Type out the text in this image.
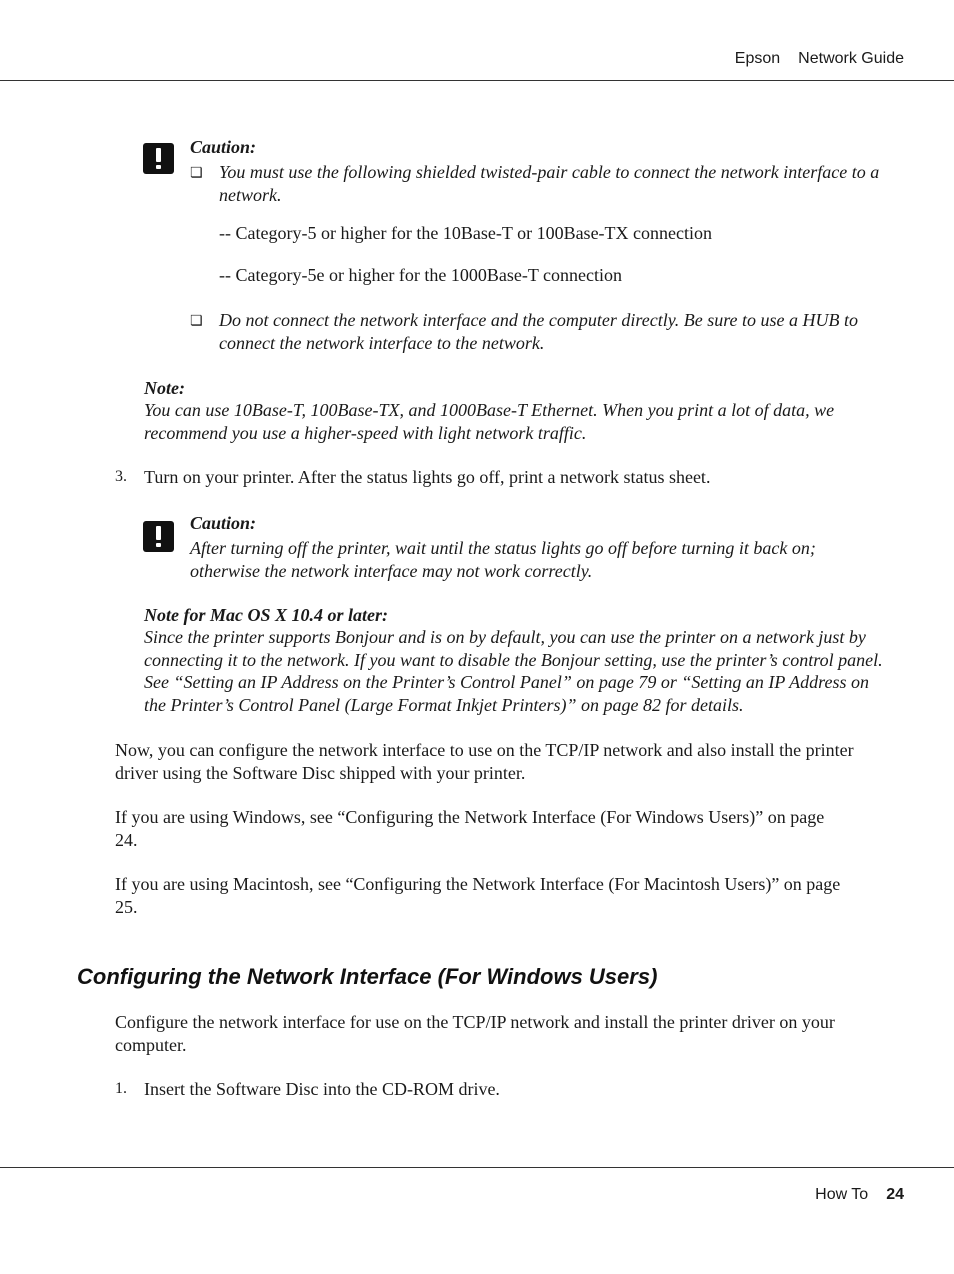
Epson Network Guide
Caution:
❏ You must use the following shielded twisted-pair cable to connect the network interface to a network.
-- Category-5 or higher for the 10Base-T or 100Base-TX connection
-- Category-5e or higher for the 1000Base-T connection
❏ Do not connect the network interface and the computer directly. Be sure to use a HUB to connect the network interface to the network.
Note:
You can use 10Base-T, 100Base-TX, and 1000Base-T Ethernet. When you print a lot of data, we recommend you use a higher-speed with light network traffic.
3. Turn on your printer. After the status lights go off, print a network status sheet.
Caution:
After turning off the printer, wait until the status lights go off before turning it back on; otherwise the network interface may not work correctly.
Note for Mac OS X 10.4 or later:
Since the printer supports Bonjour and is on by default, you can use the printer on a network just by connecting it to the network. If you want to disable the Bonjour setting, use the printer’s control panel. See “Setting an IP Address on the Printer’s Control Panel” on page 79 or “Setting an IP Address on the Printer’s Control Panel (Large Format Inkjet Printers)” on page 82 for details.
Now, you can configure the network interface to use on the TCP/IP network and also install the printer driver using the Software Disc shipped with your printer.
If you are using Windows, see “Configuring the Network Interface (For Windows Users)” on page 24.
If you are using Macintosh, see “Configuring the Network Interface (For Macintosh Users)” on page 25.
Configuring the Network Interface (For Windows Users)
Configure the network interface for use on the TCP/IP network and install the printer driver on your computer.
1. Insert the Software Disc into the CD-ROM drive.
How To 24
